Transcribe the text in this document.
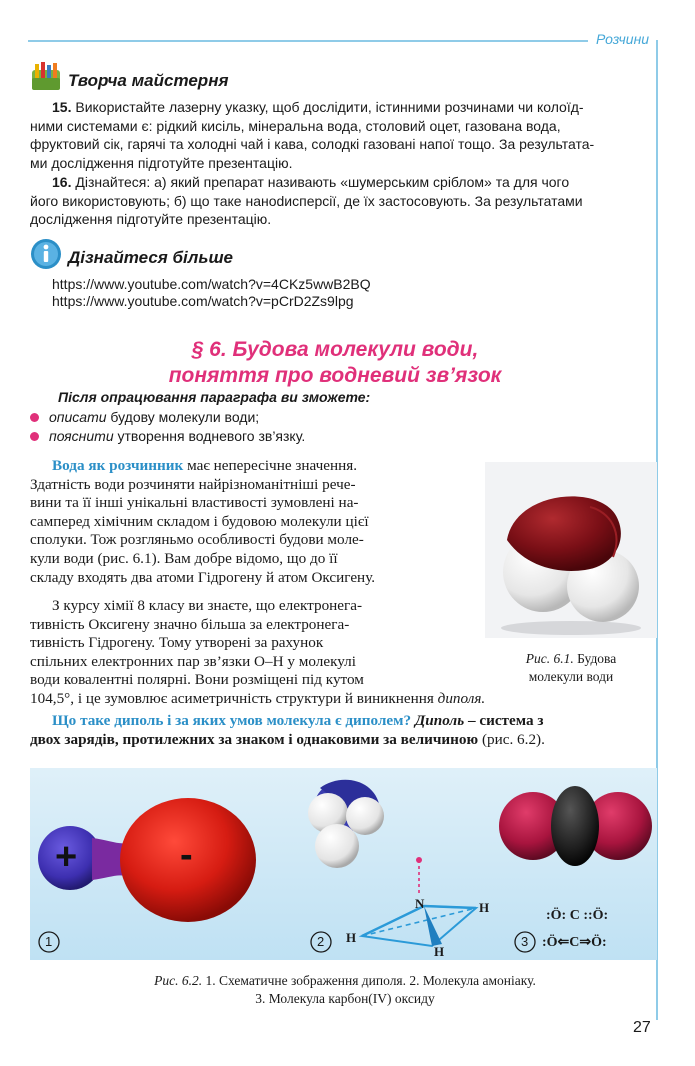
Розчини
Творча майстерня
15. Використайте лазерну указку, щоб дослідити, істинними розчинами чи колоїд-
ними системами є: рідкий кисіль, мінеральна вода, столовий оцет, газована вода,
фруктовий сік, гарячі та холодні чай і кава, солодкі газовані напої тощо. За результата-
ми дослідження підготуйте презентацію.
16. Дізнайтеся: а) який препарат називають «шумерським сріблом» та для чого
його використовують; б) що таке наноdисперсії, де їх застосовують. За результатами
дослідження підготуйте презентацію.
Дізнайтеся більше
https://www.youtube.com/watch?v=4CKz5wwB2BQ
https://www.youtube.com/watch?v=pCrD2Zs9lpg
§ 6. Будова молекули води,
поняття про водневий зв’язок
Після опрацювання параграфа ви зможете:
описати будову молекули води;
пояснити утворення водневого зв’язку.
Вода як розчинник має непересічне значення.
Здатність води розчиняти найрізноманітніші рече-
вини та її інші унікальні властивості зумовлені на-
самперед хімічним складом і будовою молекули цієї
сполуки. Тож розгляньмо особливості будови моле-
кули води (рис. 6.1). Вам добре відомо, що до її
складу входять два атоми Гідрогену й атом Оксигену.
З курсу хімії 8 класу ви знаєте, що електронега-
тивність Оксигену значно більша за електронега-
тивність Гідрогену. Тому утворені за рахунок
спільних електронних пар зв’язки O–H у молекулі
води ковалентні полярні. Вони розміщені під кутом
104,5°, і це зумовлює асиметричність структури й виникнення диполя.
Що таке диполь і за яких умов молекула є диполем? Диполь – система з
двох зарядів, протилежних за знаком і однаковими за величиною (рис. 6.2).
Рис. 6.1. Будова
молекули води
+	-
1	2	3
N	H
H
H
:Ö: C ::Ö:
:Ö⇐C⇒Ö:
Рис. 6.2. 1. Схематичне зображення диполя. 2. Молекула амоніаку.
3. Молекула карбон(IV) оксиду
27
